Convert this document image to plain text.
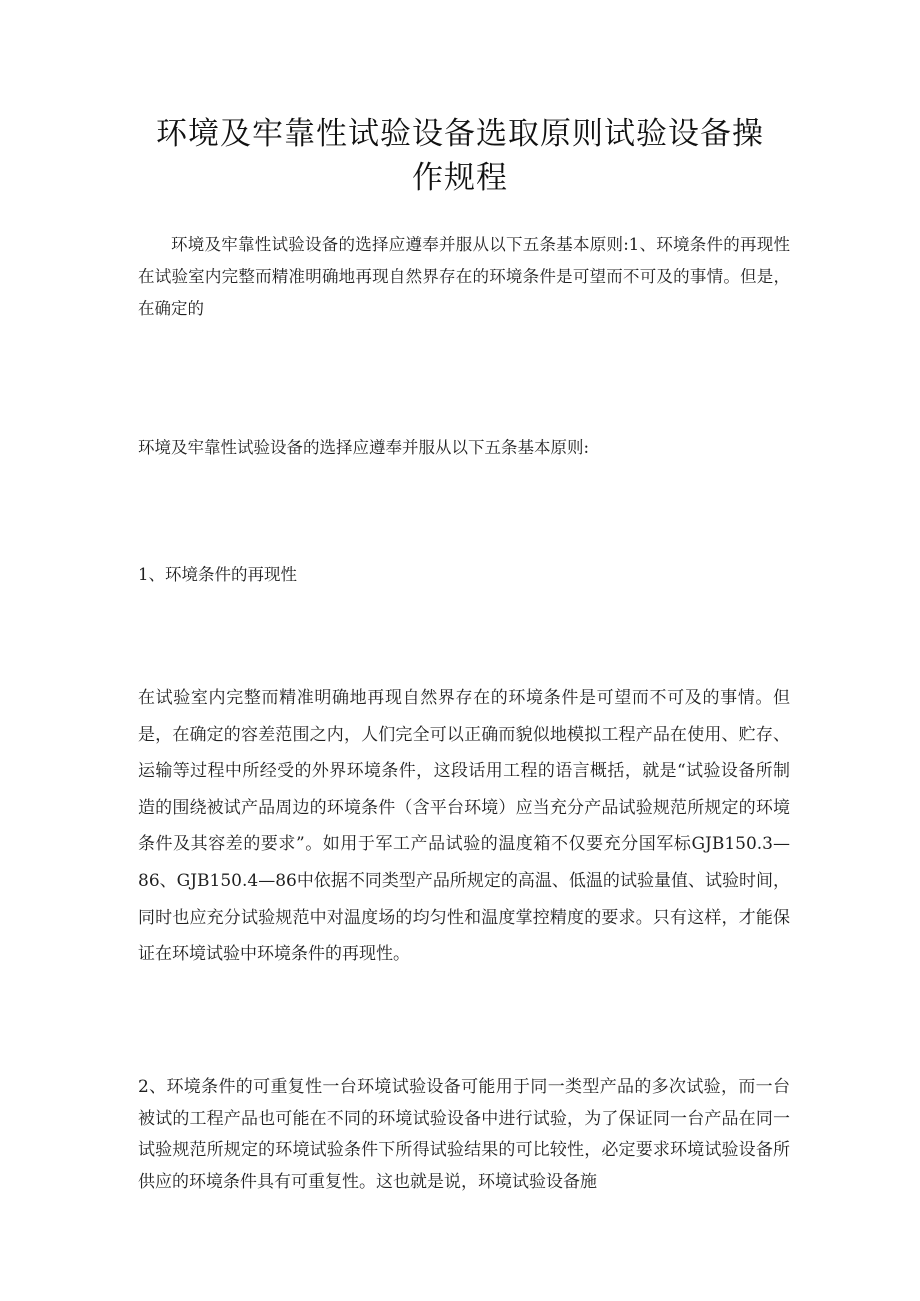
环境及牢靠性试验设备选取原则试验设备操
作规程

环境及牢靠性试验设备的选择应遵奉并服从以下五条基本原则:1、环境条件的再现性在试验室内完整而精准明确地再现自然界存在的环境条件是可望而不可及的事情。但是，在确定的

环境及牢靠性试验设备的选择应遵奉并服从以下五条基本原则:

1、环境条件的再现性

在试验室内完整而精准明确地再现自然界存在的环境条件是可望而不可及的事情。但是，在确定的容差范围之内，人们完全可以正确而貌似地模拟工程产品在使用、贮存、运输等过程中所经受的外界环境条件，这段话用工程的语言概括，就是“试验设备所制造的围绕被试产品周边的环境条件（含平台环境）应当充分产品试验规范所规定的环境条件及其容差的要求”。如用于军工产品试验的温度箱不仅要充分国军标GJB150.3—86、GJB150.4—86中依据不同类型产品所规定的高温、低温的试验量值、试验时间，同时也应充分试验规范中对温度场的均匀性和温度掌控精度的要求。只有这样，才能保证在环境试验中环境条件的再现性。

2、环境条件的可重复性一台环境试验设备可能用于同一类型产品的多次试验，而一台被试的工程产品也可能在不同的环境试验设备中进行试验，为了保证同一台产品在同一试验规范所规定的环境试验条件下所得试验结果的可比较性，必定要求环境试验设备所供应的环境条件具有可重复性。这也就是说，环境试验设备施
